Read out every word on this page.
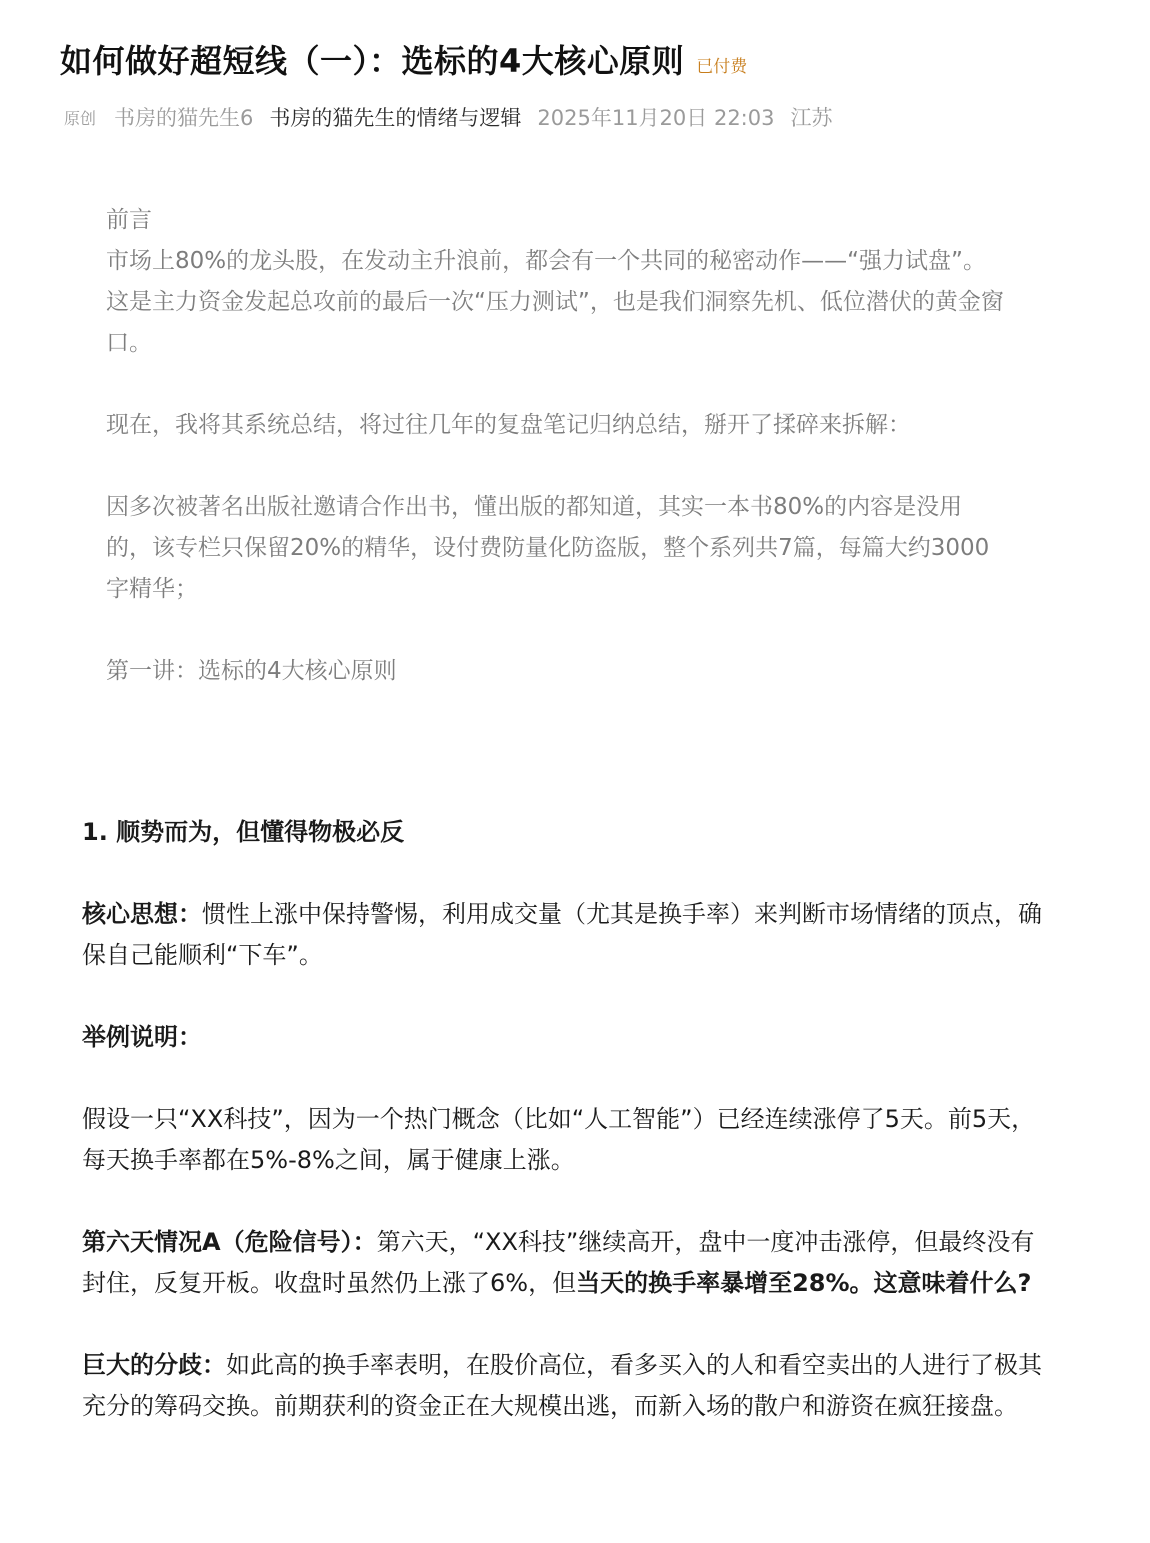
如何做好超短线（一）：选标的4大核心原则 已付费
原创 书房的猫先生6 书房的猫先生的情绪与逻辑 2025年11月20日 22:03 江苏

前言

市场上80%的龙头股，在发动主升浪前，都会有一个共同的秘密动作——“强力试盘”。这是主力资金发起总攻前的最后一次“压力测试”，也是我们洞察先机、低位潜伏的黄金窗口。

现在，我将其系统总结，将过往几年的复盘笔记归纳总结，掰开了揉碎来拆解：

因多次被著名出版社邀请合作出书，懂出版的都知道，其实一本书80%的内容是没用的，该专栏只保留20%的精华，设付费防量化防盗版，整个系列共7篇，每篇大约3000字精华；

第一讲：选标的4大核心原则

1. 顺势而为，但懂得物极必反

核心思想：惯性上涨中保持警惕，利用成交量（尤其是换手率）来判断市场情绪的顶点，确保自己能顺利“下车”。

举例说明：

假设一只“XX科技”，因为一个热门概念（比如“人工智能”）已经连续涨停了5天。前5天，每天换手率都在5%-8%之间，属于健康上涨。

第六天情况A（危险信号）：第六天，“XX科技”继续高开，盘中一度冲击涨停，但最终没有封住，反复开板。收盘时虽然仍上涨了6%，但当天的换手率暴增至28%。这意味着什么?

巨大的分歧：如此高的换手率表明，在股价高位，看多买入的人和看空卖出的人进行了极其充分的筹码交换。前期获利的资金正在大规模出逃，而新入场的散户和游资在疯狂接盘。
